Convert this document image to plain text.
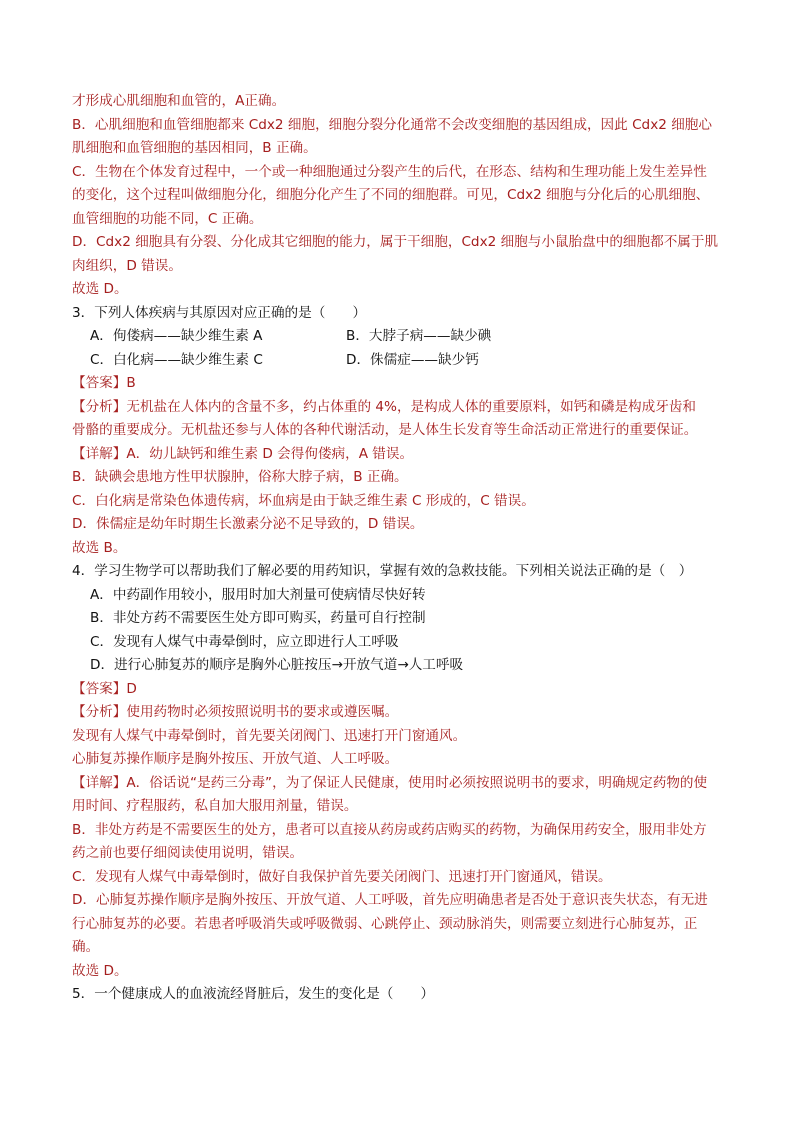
才形成心肌细胞和血管的，A正确。
B．心肌细胞和血管细胞都来 Cdx2 细胞，细胞分裂分化通常不会改变细胞的基因组成，因此 Cdx2 细胞心
肌细胞和血管细胞的基因相同，B 正确。
C．生物在个体发育过程中，一个或一种细胞通过分裂产生的后代，在形态、结构和生理功能上发生差异性
的变化，这个过程叫做细胞分化，细胞分化产生了不同的细胞群。可见，Cdx2 细胞与分化后的心肌细胞、
血管细胞的功能不同，C 正确。
D．Cdx2 细胞具有分裂、分化成其它细胞的能力，属于干细胞，Cdx2 细胞与小鼠胎盘中的细胞都不属于肌
肉组织，D 错误。
故选 D。
3．下列人体疾病与其原因对应正确的是（　　）
A．佝偻病——缺少维生素 A	B．大脖子病——缺少碘
C．白化病——缺少维生素 C	D．侏儒症——缺少钙
【答案】B
【分析】无机盐在人体内的含量不多，约占体重的 4%，是构成人体的重要原料，如钙和磷是构成牙齿和
骨骼的重要成分。无机盐还参与人体的各种代谢活动，是人体生长发育等生命活动正常进行的重要保证。
【详解】A．幼儿缺钙和维生素 D 会得佝偻病，A 错误。
B．缺碘会患地方性甲状腺肿，俗称大脖子病，B 正确。
C．白化病是常染色体遗传病，坏血病是由于缺乏维生素 C 形成的，C 错误。
D．侏儒症是幼年时期生长激素分泌不足导致的，D 错误。
故选 B。
4．学习生物学可以帮助我们了解必要的用药知识，掌握有效的急救技能。下列相关说法正确的是（　）
A．中药副作用较小，服用时加大剂量可使病情尽快好转
B．非处方药不需要医生处方即可购买，药量可自行控制
C．发现有人煤气中毒晕倒时，应立即进行人工呼吸
D．进行心肺复苏的顺序是胸外心脏按压→开放气道→人工呼吸
【答案】D
【分析】使用药物时必须按照说明书的要求或遵医嘱。
发现有人煤气中毒晕倒时，首先要关闭阀门、迅速打开门窗通风。
心肺复苏操作顺序是胸外按压、开放气道、人工呼吸。
【详解】A．俗话说“是药三分毒”，为了保证人民健康，使用时必须按照说明书的要求，明确规定药物的使
用时间、疗程服药，私自加大服用剂量，错误。
B．非处方药是不需要医生的处方，患者可以直接从药房或药店购买的药物，为确保用药安全，服用非处方
药之前也要仔细阅读使用说明，错误。
C．发现有人煤气中毒晕倒时，做好自我保护首先要关闭阀门、迅速打开门窗通风，错误。
D．心肺复苏操作顺序是胸外按压、开放气道、人工呼吸，首先应明确患者是否处于意识丧失状态，有无进
行心肺复苏的必要。若患者呼吸消失或呼吸微弱、心跳停止、颈动脉消失，则需要立刻进行心肺复苏，正
确。
故选 D。
5．一个健康成人的血液流经肾脏后，发生的变化是（　　）
